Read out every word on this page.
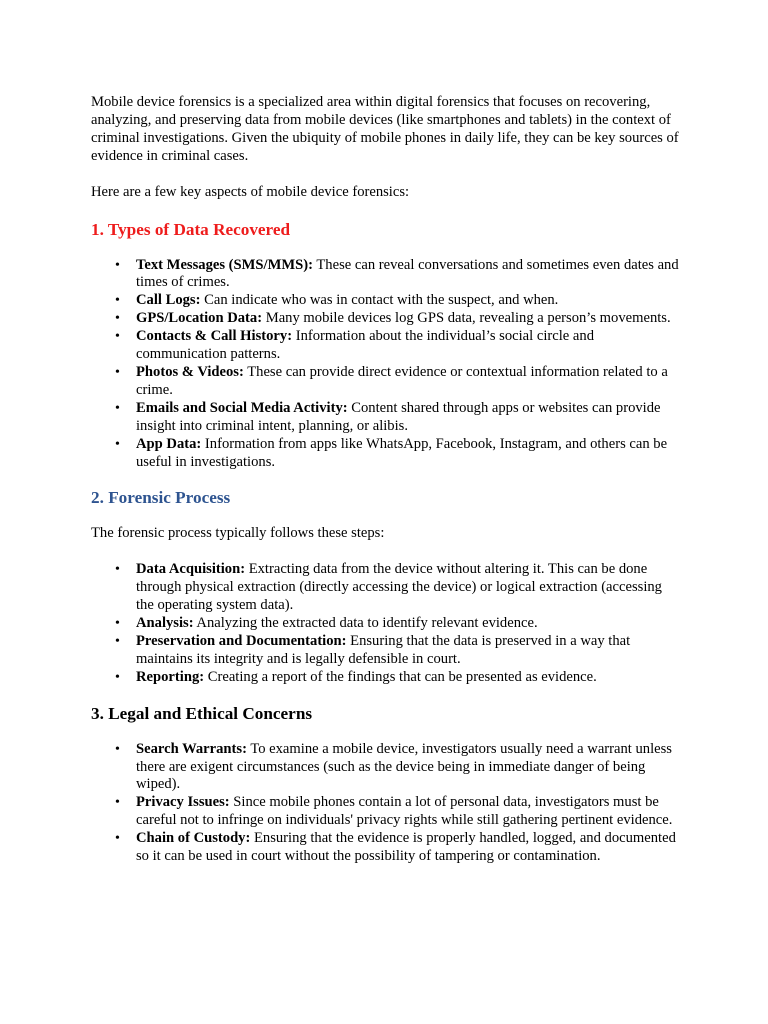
Mobile device forensics is a specialized area within digital forensics that focuses on recovering, analyzing, and preserving data from mobile devices (like smartphones and tablets) in the context of criminal investigations. Given the ubiquity of mobile phones in daily life, they can be key sources of evidence in criminal cases.

Here are a few key aspects of mobile device forensics:

1. Types of Data Recovered
• Text Messages (SMS/MMS): These can reveal conversations and sometimes even dates and times of crimes.
• Call Logs: Can indicate who was in contact with the suspect, and when.
• GPS/Location Data: Many mobile devices log GPS data, revealing a person’s movements.
• Contacts & Call History: Information about the individual’s social circle and communication patterns.
• Photos & Videos: These can provide direct evidence or contextual information related to a crime.
• Emails and Social Media Activity: Content shared through apps or websites can provide insight into criminal intent, planning, or alibis.
• App Data: Information from apps like WhatsApp, Facebook, Instagram, and others can be useful in investigations.
2. Forensic Process

The forensic process typically follows these steps:

• Data Acquisition: Extracting data from the device without altering it. This can be done through physical extraction (directly accessing the device) or logical extraction (accessing the operating system data).
• Analysis: Analyzing the extracted data to identify relevant evidence.
• Preservation and Documentation: Ensuring that the data is preserved in a way that maintains its integrity and is legally defensible in court.
• Reporting: Creating a report of the findings that can be presented as evidence.
3. Legal and Ethical Concerns
• Search Warrants: To examine a mobile device, investigators usually need a warrant unless there are exigent circumstances (such as the device being in immediate danger of being wiped).
• Privacy Issues: Since mobile phones contain a lot of personal data, investigators must be careful not to infringe on individuals' privacy rights while still gathering pertinent evidence.
• Chain of Custody: Ensuring that the evidence is properly handled, logged, and documented so it can be used in court without the possibility of tampering or contamination.
